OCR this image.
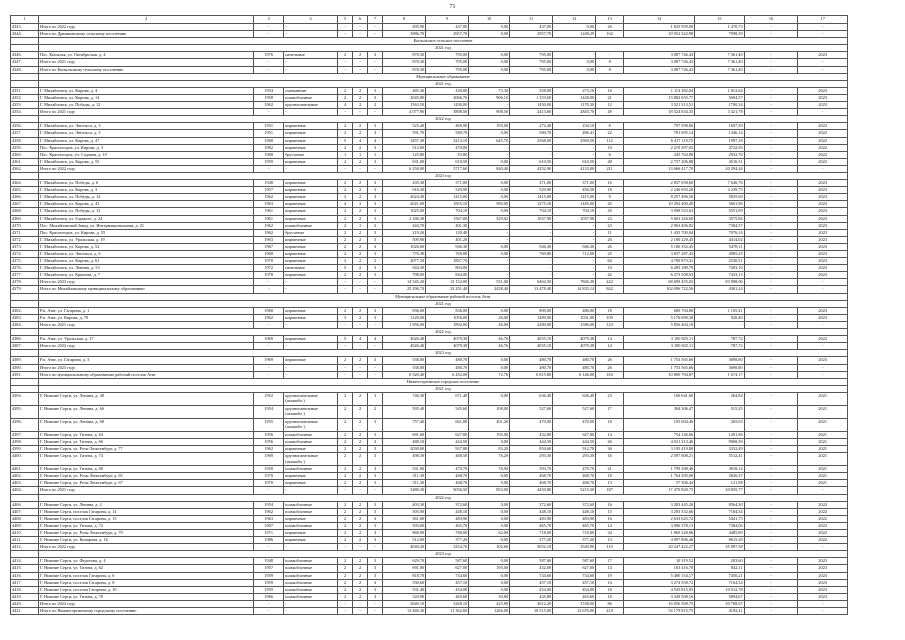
71
1	2	3	4	5	6	7	8	9	10	11	12	13	14	15	16	17
4343.	Итого по 2022 году	-	-	-	-	-	495,90	437,00	0,00	437,00	0,00	26	1 825 959,08	1 470,73	-	-
4344.	Итого по Дрюмковскому сельскому поселению	-	-	-	-	-	3986,70	2957,70	0,00	2957,70	1248,29	162	10 952 322,98	7998,39	-	-
	Копыльское сельское поселение															
	2021 год															
4346.	Пос. Копылья, ул. Октябрьская, д. 4	1976	панельные	2	2	3	878,30	795,00	0,00	795,00	-	-	3 087 746,43	7 361,40	-	2023
4347.	Итого по 2021 году	-	-	-	-	-	878,30	795,00	0,00	795,00	0,00	8	3 087 746,43	7 361,40	-	-
4348.	Итого по Копыльскому сельскому поселению	-	-	-	-	-	878,30	795,00	0,00	795,00	0,00	8	3 087 746,43	7 361,40	-	-
	Муниципальное образование															
	2021 год															
4351.	Г. Михайловск, ул. Кирова, д. 4	1954	смешанные	2	2	3	485,36	430,80	73,30	358,00	273,16	16	1 114 382,04	1 812,64	-	2023
4352.	Г. Михайловск, ул. Кирова, д. 14	1958	шлакоблочные	2	2	3	2045,80	2066,76	906,10	1 153,60	1428,00	21	13 882 655,77	5694,57	-	2023
4353.	Г. Михайловск, ул. Победы, д. 12	1962	крупнопанельные	4	2	2	1563,50	1430,00	-	1430,00	1170,30	12	3 521 313,51	1700,34	-	2023
4354.	Итого по 2021 году	-	-	-	-	-	4 077,96	3808,56	908,50	2413,60	2845,70	49	18 524 634,35	3 421,78	-	-
	2022 год															
4356.	Г. Михайловск, ул. Энгельса, д. 3	1951	кирпичные	2	2	3	525,40	469,90	195,00	272,40	234,10	6	797 598,86	1697,39	-	2022
4357.	Г. Михайловск, ул. Энгельса, д. 5	1951	кирпичные	2	2	3	591,70	580,70	0,00	580,70	496,41	22	781 695,14	1346,14	-	2022
4358.	Г. Михайловск, ул. Кирова, д. 47	1968	кирпичные	5	4	4	3457,30	3213,10	645,70	2568,00	2569,50	112	6 417 119,75	1997,18	-	2022
4359.	Пос. Красногорск, ул. Кирова, д. 3	1982	кирпичные	2	2	3	513,00	470,00	-	-	-	10	2 219 397,02	4722,50	-	2022
4360.	Пос. Красногорск, ул. Садовая, д. 10	1968	брусчатые	1	1	1	125,80	83,80	-	-	-	6	245 764,88	2932,76	-	2022
4361.	Г. Михайловск, ул. Кирова, д. 55	1959	кирпичные	2	2	3	631,00	610,50	0,00	610,50	610,50	48	2 757 206,88	4516,31	-	2022
4362.	Итого по 2022 году	-	-	-	-	-	6 258,00	5717,60	840,40	4252,90	4133,00	211	13 666 417,70	20 294,44	-	-
	2023 год															
4364.	Г. Михайловск, ул. Победы, д. 6	1948	кирпичные	2	2	3	435,30	371,00	0,00	371,00	371,00	16	2 837 058,60	7 646,76	-	2023
4365.	Г. Михайловск, ул. Кирова, д. 3	1957	кирпичные	2	2	3	616,30	529,90	0,00	529,90	456,58	18	2 246 693,20	4 239,75	-	2023
4366.	Г. Михайловск, ул. Победы, д. 14	1962	кирпичные	3	2	3	2024,30	1415,00	0,00	1415,00	1415,00	9	8 257 496,50	5835,69	-	2023
4367.	Г. Михайловск, ул. Кирова, д. 43	1963	кирпичные	4	3	3	2021,00	1855,10	580,00	1275,10	1445,00	45	10 392 400,40	5601,96	-	2023
4368.	Г. Михайловск, ул. Победы, д. 12	1961	кирпичные	2	2	3	1025,00	704,10	0,00	704,10	704,10	45	3 908 523,63	5551,09	-	2023
4369.	Г. Михайловск, ул. Горького, д. 24	1961	кирпичные	2	2	3	2 186,30	1567,00	529,02	1037,98	1037,98	23	5 603 326,60	3575,84	-	2023
4370.	Пос. Михайловский Завод, ул. Интернациональная, д. 21	1962	шлакоблочные	2	1	2	444,70	401,30	-	-	-	23	2 963 406,82	7384,57	-	2023
4371.	Пос. Красногорск, ул. Кирова, д. 55	1962	брусчатые	2	2	3	219,20	129,40	-	-	-	11	1 435 700,84	7076,14	-	2023
4372.	Г. Михайловск, ул. Уральская, д. 19	1963	кирпичные	2	2	3	509,90	401,20	-	-	-	26	2 180 229,45	4414,02	-	2023
4373.	Г. Михайловск, ул. Кирова, д. 52	1967	кирпичные	2	2	3	1026,60	946,30	0,00	946,30	946,30	26	5 180 352,45	5478,11	-	2023
4374.	Г. Михайловск, ул. Энгельса, д. 6	1968	кирпичные	2	2	3	776,30	769,80	0,00	769,80	712,08	25	3 837 287,43	4985,25	-	2023
4375.	Г. Михайловск, ул. Кирова, д. 61	1970	кирпичные	3	2	2	2077,50	1857,70	-	-	-	64	4 700 873,41	2530,51	-	2023
4376.	Г. Михайловск, ул. Ленина, д. 53	1972	панельные	5	2	3	944,30	894,00	-	-	-	10	6 285 189,79	7403,10	-	2023
4377.	Г. Михайловск, ул. Крылова, д. 7	1978	кирпичные	2	2	3	798,00	844,00	-	-	-	42	6 273 508,63	7433,13	-	2023
4378.	Итого по 2023 году	-	-	-	-	-	14 545,20	13 152,00	531,00	6462,50	7846,30	442	68 699 455,02	83 908,06	-	-
4379.	Итого по Михайловскому муниципальному образованию	-	-	-	-	-	25 296,74	23 251,40	2458,40	13 478,40	14 835,14	842	102 096 722,56	4381,24	-	-
	Муниципальное образование рабочий поселок Атиг															
	2021 год															
4382.	Р.п. Атиг, ул. Гагарина, д. 1	1968	кирпичные	2	2	3	836,00	836,00	0,00	800,00	486,00	18	680 704,80	1 105,41	-	2023
4383.	Р.п. Атиг, ул. Кирова, д. 70	1962	кирпичные	3	2	3	1120,00	1056,00	26,00	1480,00	1031,00	105	5 176 699,30	920,40	-	2023
4384.	Итого по 2021 году	-	-	-	-	-	1 956,00	1892,00	26,00	2280,00	1586,00	123	5 856 404,10	-	-	-
	2022 год															
4386.	Р.п. Атиг, ул. Уральская, д. 17	1969	кирпичные	5	4	4	4026,40	4079,38	46,76	4055,10	4079,38	14	3 190 825,11	787,72	-	2022
4387.	Итого по 2022 году	-	-	-	-	-	4026,40	4079,38	46,76	4055,10	4079,38	14	3 190 825,11	787,72	-	-
	2023 год															
4389.	Р.п. Атиг, ул. Гагарина, д. 3	1969	кирпичные	2	2	3	538,00	480,70	0,00	480,70	480,70	26	1 753 565,66	3698,80	-	2023
4390.	Итого по 2023 году	-	-	-	-	-	538,00	480,70	0,00	480,70	480,70	26	1 753 565,66	3698,80	-	-
4391.	Итого по муниципальному образованию рабочий поселок Атиг	-	-	-	-	-	6 520,40	6 452,08	72,76	6 815,80	6 146,08	163	10 800 794,87	1 674,17	-	-
	Нижнесергинское городское поселение															
	2021 год															
4394.	Г. Нижние Серги, ул. Ленина, д. 48	1952	крупнопанельные (шлакобл.)	2	2	3	746,30	671,40	0,00	636,40	636,40	23	160 641,60	264,84	-	2021
4395.	Г. Нижние Серги, ул. Ленина, д. 66	1954	крупнопанельные (шлакобл.)	2	2	2	595,40	545,60	108,00	527,60	527,60	17	304 306,47	515,25	-	2021
4396.	Г. Нижние Серги, ул. Ленина, д. 68	1955	крупнопанельные (шлакобл.)	2	2	3	757,40	661,80	201,20	470,00	470,00	16	195 604,46	265,03	-	2021
4397.	Г. Нижние Серги, ул. Титова, д. 64	1956	шлакоблочные	2	2	3	691,60	627,80	195,00	432,80	627,80	14	754 146,66	1201,96	-	2021
4398.	Г. Нижние Серги, ул. Титова, д. 66	1956	шлакоблочные	2	2	3	488,10	444,50	0,00	444,50	444,50	26	4 031 213,46	9068,39	-	2021
4399.	Г. Нижние Серги, ул. Розы Люксембург, д. 77	1962	кирпичные	2	2	3	2030,00	937,80	83,20	854,60	912,78	36	3 195 419,80	3332,49	-	2021
4400.	Г. Нижние Серги, ул. Титова, д. 74	1969	крупнопанельные (шлакобл.)	2	2	3	498,30	468,50	76,20	293,30	293,30	16	2 597 608,21	5512,41	-	2021
4401.	Г. Нижние Серги, ул. Титова, д. 68	1958	шлакоблочные	2	2	3	531,80	470,70	76,90	393,70	470,70	21	1 799 298,46	3818,14	-	2021
4402.	Г. Нижние Серги, ул. Розы Люксембург, д. 65	1970	кирпичные	2	2	3	511,30	468,70	0,00	468,70	468,70	18	1 764 295,00	3826,37	-	2021
4403.	Г. Нижние Серги, ул. Розы Люксембург, д. 67	1970	кирпичные	2	2	3	511,30	468,70	0,00	468,70	468,70	13	57 306,44	121,98	-	2021
4404.	Итого по 2021 году	-	-	-	-	-	5480,30	5056,50	853,00	4450,80	5215,50	187	17 470 828,75	20 835,77	-	-
	2022 год															
4406.	Г. Нижние Серги, ул. Ленина, д. 2	1954	шлакоблочные	2	2	3	403,30	372,60	0,00	372,60	372,60	16	3 283 445,26	8564,30	-	2022
4407.	Г. Нижние Серги, поселок Гагарина, д. 14	1962	шлакоблочные	2	2	3	505,00	448,10	0,00	448,10	448,10	15	3 283 532,66	7164,34	-	2022
4408.	Г. Нижние Серги, поселок Гагарина, д. 15	1963	кирпичные	2	2	3	561,00	483,90	0,00	483,90	483,90	16	2 633 625,72	5441,75	-	2022
4409.	Г. Нижние Серги, ул. Титова, д. 72	1967	шлакоблочные	2	2	3	503,00	465,70	0,00	465,70	465,70	14	3 096 378,13	7384,06	-	2022
4410.	Г. Нижние Серги, ул. Розы Люксембург, д. 79	1971	кирпичные	2	2	3	868,90	780,00	62,00	718,00	718,00	34	1 869 328,86	4485,89	-	2022
4411.	Г. Нижние Серги, ул. Комарова, д. 16	1986	кирпичные	2	2	3	512,00	377,20	0,00	377,20	377,20	13	4 097 896,46	8615,28	-	2022
4412.	Итого по 2022 году	-	-	-	-	-	4040,20	3254,70	102,60	3052,10	3540,90	110	20 247 422,27	35 897,58	-	-
	2023 год															
4414.	Г. Нижние Серги, ул. Федотова, д. 4	1948	шлакоблочные	2	2	3	629,70	587,60	0,00	587,60	587,60	17	10 319,52	203,60	-	2023
4415.	Г. Нижние Серги, ул. Титова, д. 62	1957	шлакоблочные	2	2	3	691,80	627,00	195,00	432,00	627,00	14	163 416,70	842,11	-	2023
4416.	Г. Нижние Серги, поселок Гагарина, д. 6	1959	шлакоблочные	2	2	3	818,70	734,60	0,00	734,60	734,60	19	5 480 134,17	7450,21	-	2023
4417.	Г. Нижние Серги, поселок Гагарина, д. 8	1959	шлакоблочные	2	2	3	530,60	457,10	0,00	457,10	457,10	14	3 274 558,72	7164,34	-	2023
4418.	Г. Нижние Серги, поселок Гагарина, д. 10	1959	шлакоблочные	2	2	3	531,40	454,00	0,00	454,00	454,00	16	4 545 815,95	10 012,78	-	2023
4419.	Г. Нижние Серги, ул. Титова, д. 78	1966	шлакоблочные	2	2	3	520,90	465,60	30,80	435,80	465,60	16	3 349 508,16	5894,67	-	2023
4420.	Итого по 2023 году	-	-	-	-	-	3640,10	3268,10	225,80	3012,20	3748,00	86	16 056 508,75	50 768,67	-	-
4421.	Итого по Нижнесергинскому городскому поселению	-	-	-	-	-	13 460,30	11 362,60	1266,00	10 515,00	12 676,00	410	54 179 815,75	4182,41	-	-
